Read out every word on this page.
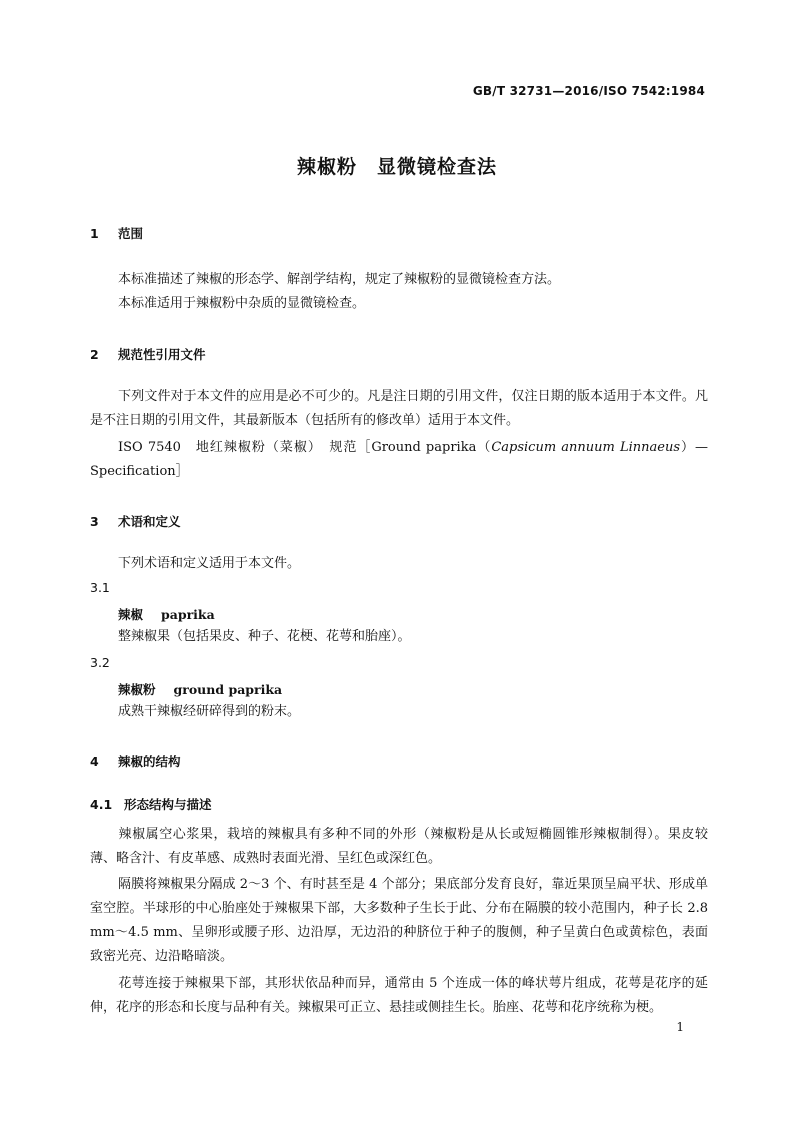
GB/T 32731—2016/ISO 7542:1984
辣椒粉　显微镜检查法
1 范围
本标准描述了辣椒的形态学、解剖学结构，规定了辣椒粉的显微镜检查方法。
本标准适用于辣椒粉中杂质的显微镜检查。
2 规范性引用文件
下列文件对于本文件的应用是必不可少的。凡是注日期的引用文件，仅注日期的版本适用于本文件。凡是不注日期的引用文件，其最新版本（包括所有的修改单）适用于本文件。
ISO 7540　地红辣椒粉（菜椒）　规范［Ground paprika（Capsicum annuum Linnaeus）—Specification］
3 术语和定义
下列术语和定义适用于本文件。
3.1
辣椒 paprika
整辣椒果（包括果皮、种子、花梗、花萼和胎座）。
3.2
辣椒粉 ground paprika
成熟干辣椒经研碎得到的粉末。
4 辣椒的结构
4.1 形态结构与描述
辣椒属空心浆果，栽培的辣椒具有多种不同的外形（辣椒粉是从长或短椭圆锥形辣椒制得）。果皮较薄、略含汁、有皮革感、成熟时表面光滑、呈红色或深红色。
隔膜将辣椒果分隔成 2～3 个、有时甚至是 4 个部分；果底部分发育良好，靠近果顶呈扁平状、形成单室空腔。半球形的中心胎座处于辣椒果下部，大多数种子生长于此、分布在隔膜的较小范围内，种子长 2.8 mm～4.5 mm、呈卵形或腰子形、边沿厚，无边沿的种脐位于种子的腹侧，种子呈黄白色或黄棕色，表面致密光亮、边沿略暗淡。
花萼连接于辣椒果下部，其形状依品种而异，通常由 5 个连成一体的峰状萼片组成，花萼是花序的延伸，花序的形态和长度与品种有关。辣椒果可正立、悬挂或侧挂生长。胎座、花萼和花序统称为梗。
1
